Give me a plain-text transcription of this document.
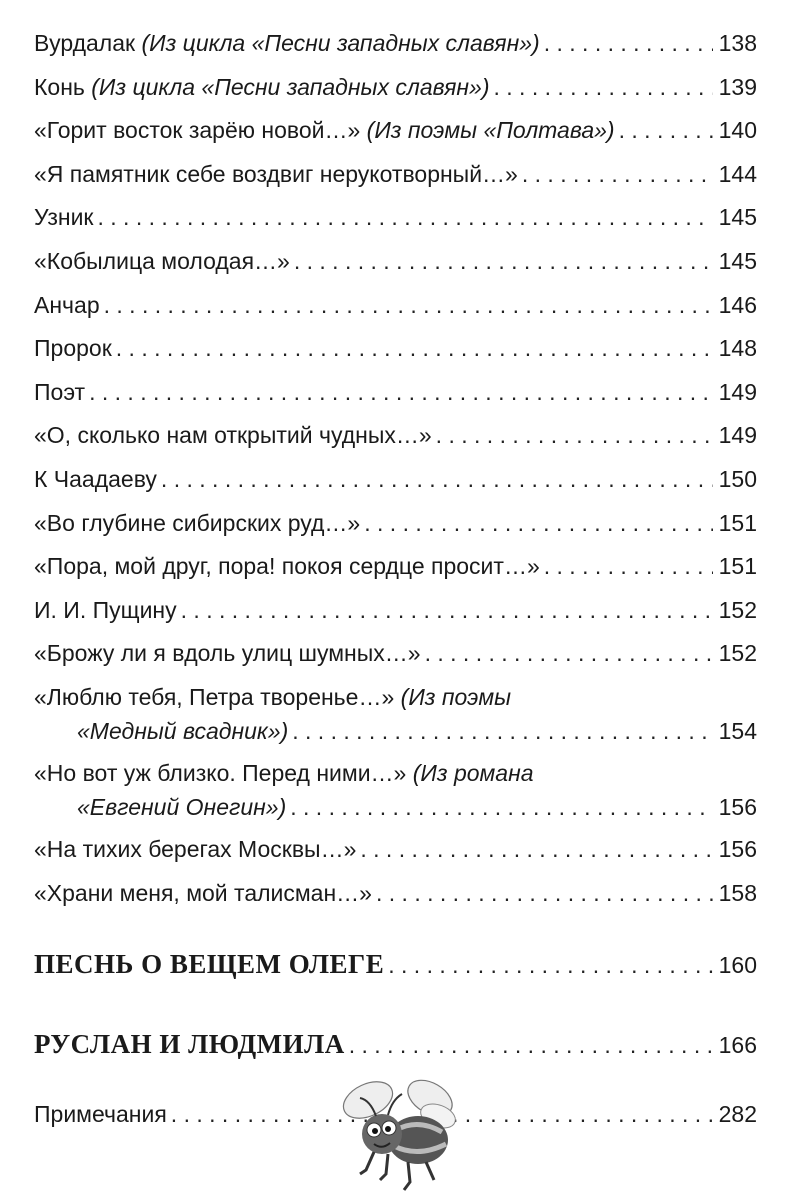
Вурдалак (Из цикла «Песни западных славян») . . .	138
Конь (Из цикла «Песни западных славян») . . .	139
«Горит восток зарёю новой…» (Из поэмы «Полтава») . . .	140
«Я памятник себе воздвиг нерукотворный…» . . .	144
Узник . . .	145
«Кобылица молодая…» . . .	145
Анчар . . .	146
Пророк . . .	148
Поэт . . .	149
«О, сколько нам открытий чудных…» . . .	149
К Чаадаеву . . .	150
«Во глубине сибирских руд…» . . .	151
«Пора, мой друг, пора! покоя сердце просит…» . . .	151
И. И. Пущину . . .	152
«Брожу ли я вдоль улиц шумных…» . . .	152
«Люблю тебя, Петра творенье…» (Из поэмы
«Медный всадник») . . .	154
«Но вот уж близко. Перед ними…» (Из романа
«Евгений Онегин») . . .	156
«На тихих берегах Москвы…» . . .	156
«Храни меня, мой талисман…» . . .	158
ПЕСНЬ О ВЕЩЕМ ОЛЕГЕ . . .	160
РУСЛАН И ЛЮДМИЛА . . .	166
Примечания . . .	282
